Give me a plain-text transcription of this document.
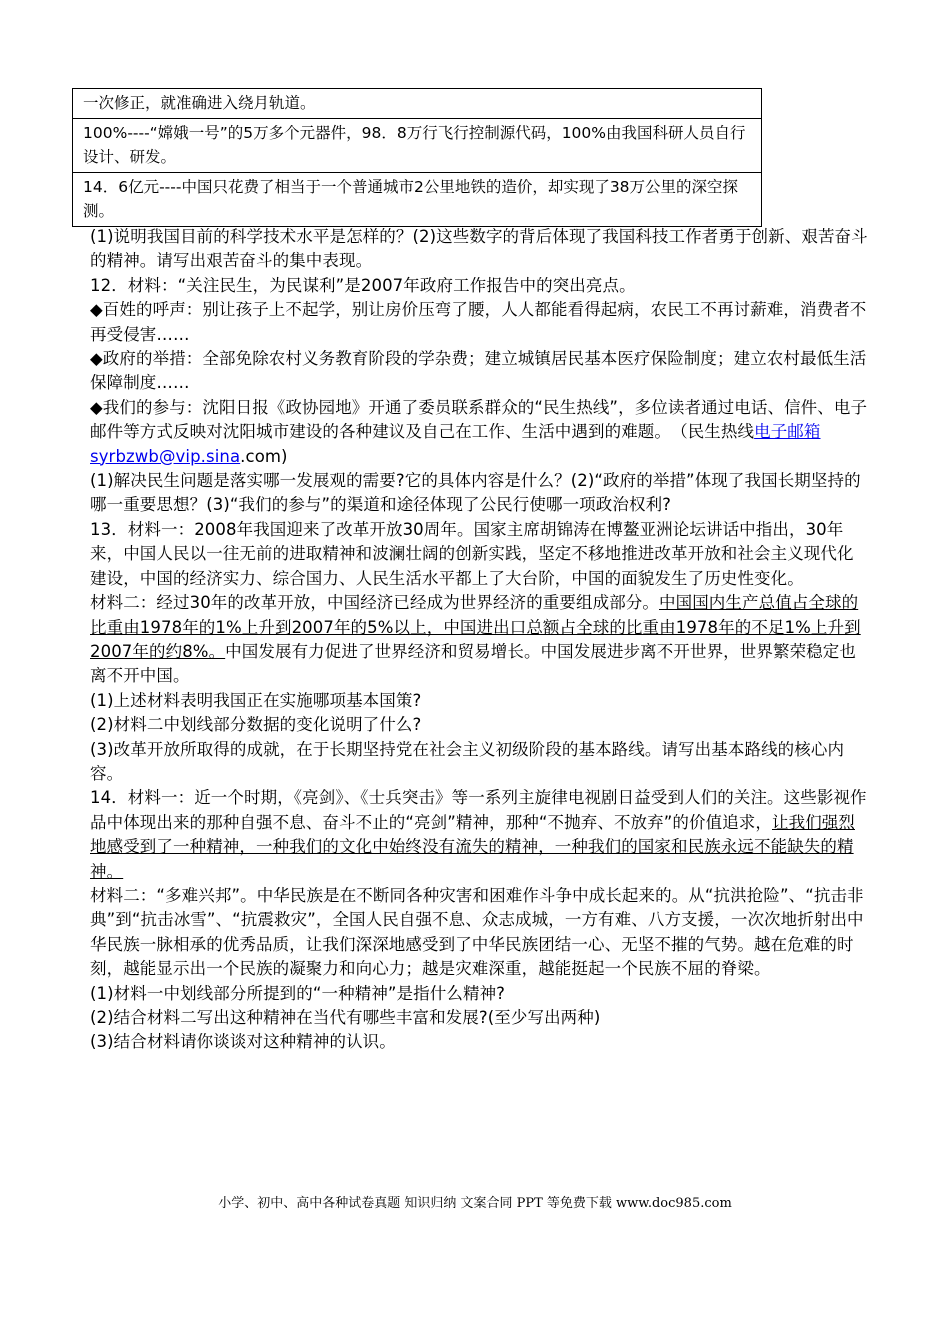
一次修正，就准确进入绕月轨道。
100%----“嫦娥一号”的5万多个元器件，98．8万行飞行控制源代码，100%由我国科研人员自行设计、研发。
14．6亿元----中国只花费了相当于一个普通城市2公里地铁的造价，却实现了38万公里的深空探测。

(1)说明我国目前的科学技术水平是怎样的？(2)这些数字的背后体现了我国科技工作者勇于创新、艰苦奋斗的精神。请写出艰苦奋斗的集中表现。

12．材料：“关注民生，为民谋利”是2007年政府工作报告中的突出亮点。

◆百姓的呼声：别让孩子上不起学，别让房价压弯了腰，人人都能看得起病，农民工不再讨薪难，消费者不再受侵害……

◆政府的举措：全部免除农村义务教育阶段的学杂费；建立城镇居民基本医疗保险制度；建立农村最低生活保障制度……

◆我们的参与：沈阳日报《政协园地》开通了委员联系群众的“民生热线”，多位读者通过电话、信件、电子邮件等方式反映对沈阳城市建设的各种建议及自己在工作、生活中遇到的难题。　（民生热线电子邮箱 syrbzwb@vip.sina.com)

(1)解决民生问题是落实哪一发展观的需要?它的具体内容是什么？(2)“政府的举措”体现了我国长期坚持的哪一重要思想？(3)“我们的参与”的渠道和途径体现了公民行使哪一项政治权利?

13．材料一：2008年我国迎来了改革开放30周年。国家主席胡锦涛在博鳌亚洲论坛讲话中指出，30年来，中国人民以一往无前的进取精神和波澜壮阔的创新实践，坚定不移地推进改革开放和社会主义现代化建设，中国的经济实力、综合国力、人民生活水平都上了大台阶，中国的面貌发生了历史性变化。

材料二：经过30年的改革开放，中国经济已经成为世界经济的重要组成部分。中国国内生产总值占全球的比重由1978年的1%上升到2007年的5%以上，中国进出口总额占全球的比重由1978年的不足1%上升到2007年的约8%。中国发展有力促进了世界经济和贸易增长。中国发展进步离不开世界，世界繁荣稳定也离不开中国。

(1)上述材料表明我国正在实施哪项基本国策?

(2)材料二中划线部分数据的变化说明了什么?

(3)改革开放所取得的成就，在于长期坚持党在社会主义初级阶段的基本路线。请写出基本路线的核心内容。

14．材料一：近一个时期，《亮剑》、《士兵突击》等一系列主旋律电视剧日益受到人们的关注。这些影视作品中体现出来的那种自强不息、奋斗不止的“亮剑”精神，那种“不抛弃、不放弃”的价值追求，让我们强烈地感受到了一种精神，一种我们的文化中始终没有流失的精神，一种我们的国家和民族永远不能缺失的精神。

材料二：“多难兴邦”。中华民族是在不断同各种灾害和困难作斗争中成长起来的。从“抗洪抢险”、“抗击非典”到“抗击冰雪”、“抗震救灾”，全国人民自强不息、众志成城，一方有难、八方支援，一次次地折射出中华民族一脉相承的优秀品质，让我们深深地感受到了中华民族团结一心、无坚不摧的气势。越在危难的时刻，越能显示出一个民族的凝聚力和向心力；越是灾难深重，越能挺起一个民族不屈的脊梁。

(1)材料一中划线部分所提到的“一种精神”是指什么精神?

(2)结合材料二写出这种精神在当代有哪些丰富和发展?(至少写出两种)

(3)结合材料请你谈谈对这种精神的认识。

小学、初中、高中各种试卷真题 知识归纳 文案合同 PPT 等免费下载 www.doc985.com
